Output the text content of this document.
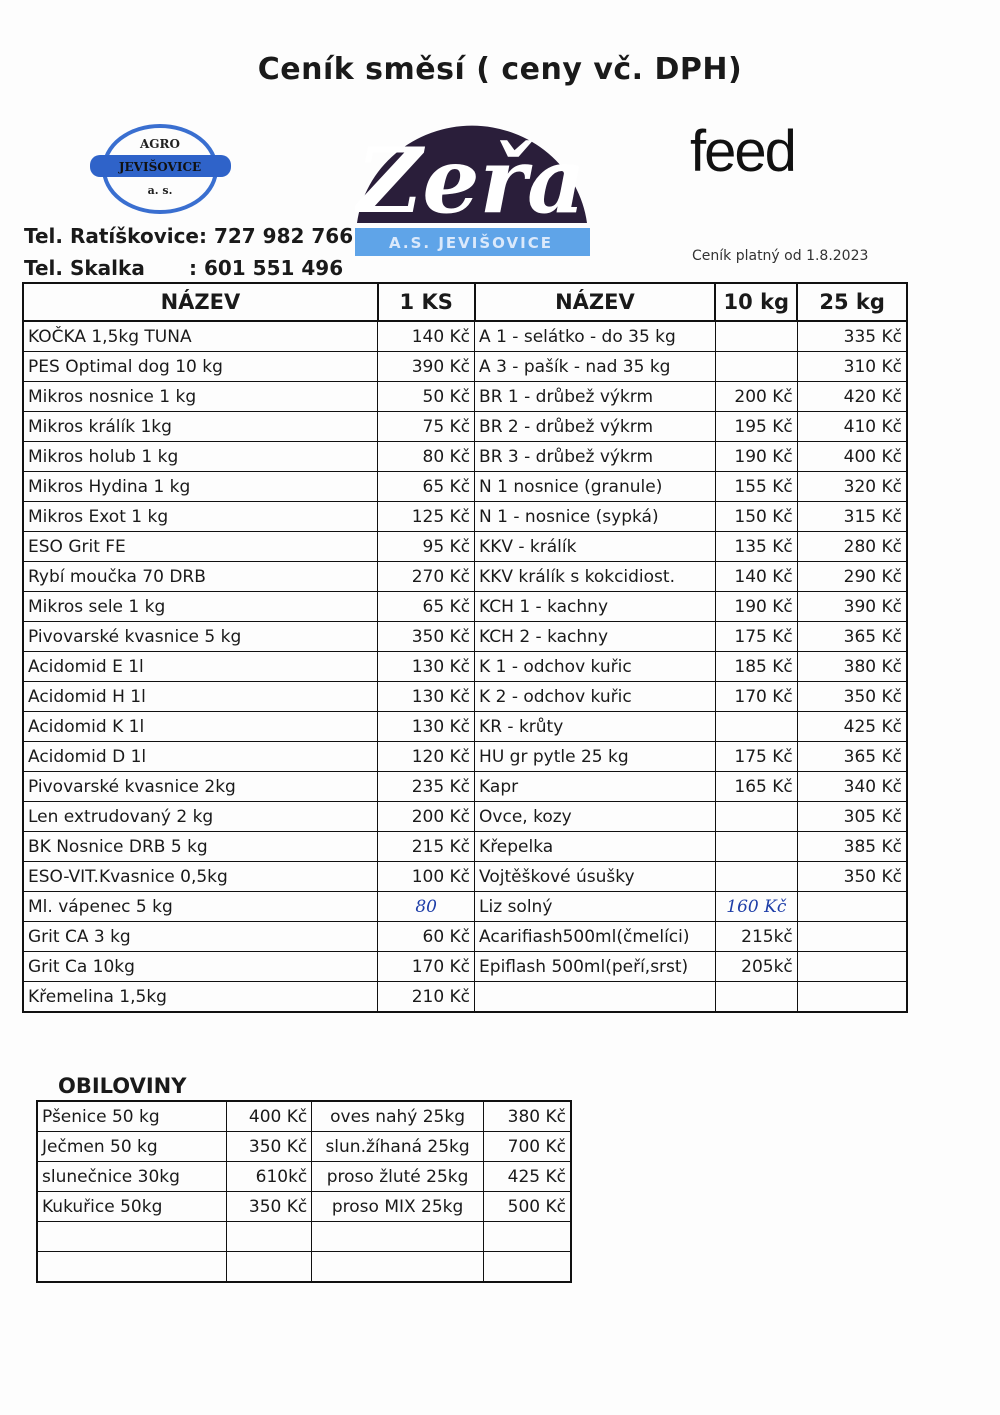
Ceník směsí ( ceny vč. DPH)
AGRO
JEVIŠOVICE
a. s. Zeřa
A.S. JEVIŠOVICE
feed
Tel. Ratíškovice: 727 982 766
Tel. Skalka : 601 551 496	Ceník platný od 1.8.2023
NÁZEV	1 KS	NÁZEV	10 kg	25 kg
KOČKA 1,5kg TUNA	140 Kč	A 1 - selátko - do 35 kg		335 Kč
PES Optimal dog 10 kg	390 Kč	A 3 - pašík - nad 35 kg		310 Kč
Mikros nosnice 1 kg	50 Kč	BR 1 - drůbež výkrm	200 Kč	420 Kč
Mikros králík 1kg	75 Kč	BR 2 - drůbež výkrm	195 Kč	410 Kč
Mikros holub 1 kg	80 Kč	BR 3 - drůbež výkrm	190 Kč	400 Kč
Mikros Hydina 1 kg	65 Kč	N 1 nosnice (granule)	155 Kč	320 Kč
Mikros Exot 1 kg	125 Kč	N 1 - nosnice (sypká)	150 Kč	315 Kč
ESO Grit FE	95 Kč	KKV - králík	135 Kč	280 Kč
Rybí moučka 70 DRB	270 Kč	KKV králík s kokcidiost.	140 Kč	290 Kč
Mikros sele 1 kg	65 Kč	KCH 1 - kachny	190 Kč	390 Kč
Pivovarské kvasnice 5 kg	350 Kč	KCH 2 - kachny	175 Kč	365 Kč
Acidomid E 1l	130 Kč	K 1 - odchov kuřic	185 Kč	380 Kč
Acidomid H 1l	130 Kč	K 2 - odchov kuřic	170 Kč	350 Kč
Acidomid K 1l	130 Kč	KR - krůty		425 Kč
Acidomid D 1l	120 Kč	HU gr pytle 25 kg	175 Kč	365 Kč
Pivovarské kvasnice 2kg	235 Kč	Kapr	165 Kč	340 Kč
Len extrudovaný 2 kg	200 Kč	Ovce, kozy		305 Kč
BK Nosnice DRB 5 kg	215 Kč	Křepelka		385 Kč
ESO-VIT.Kvasnice 0,5kg	100 Kč	Vojtěškové úsušky		350 Kč
Ml. vápenec 5 kg	80	Liz solný	160 Kč	
Grit CA 3 kg	60 Kč	Acarifiash500ml(čmelíci)	215kč	
Grit Ca 10kg	170 Kč	Epiflash 500ml(peří,srst)	205kč	
Křemelina 1,5kg	210 Kč			
OBILOVINY
Pšenice 50 kg	400 Kč	oves nahý 25kg	380 Kč
Ječmen 50 kg	350 Kč	slun.žíhaná 25kg	700 Kč
slunečnice 30kg	610kč	proso žluté 25kg	425 Kč
Kukuřice 50kg	350 Kč	proso MIX 25kg	500 Kč
